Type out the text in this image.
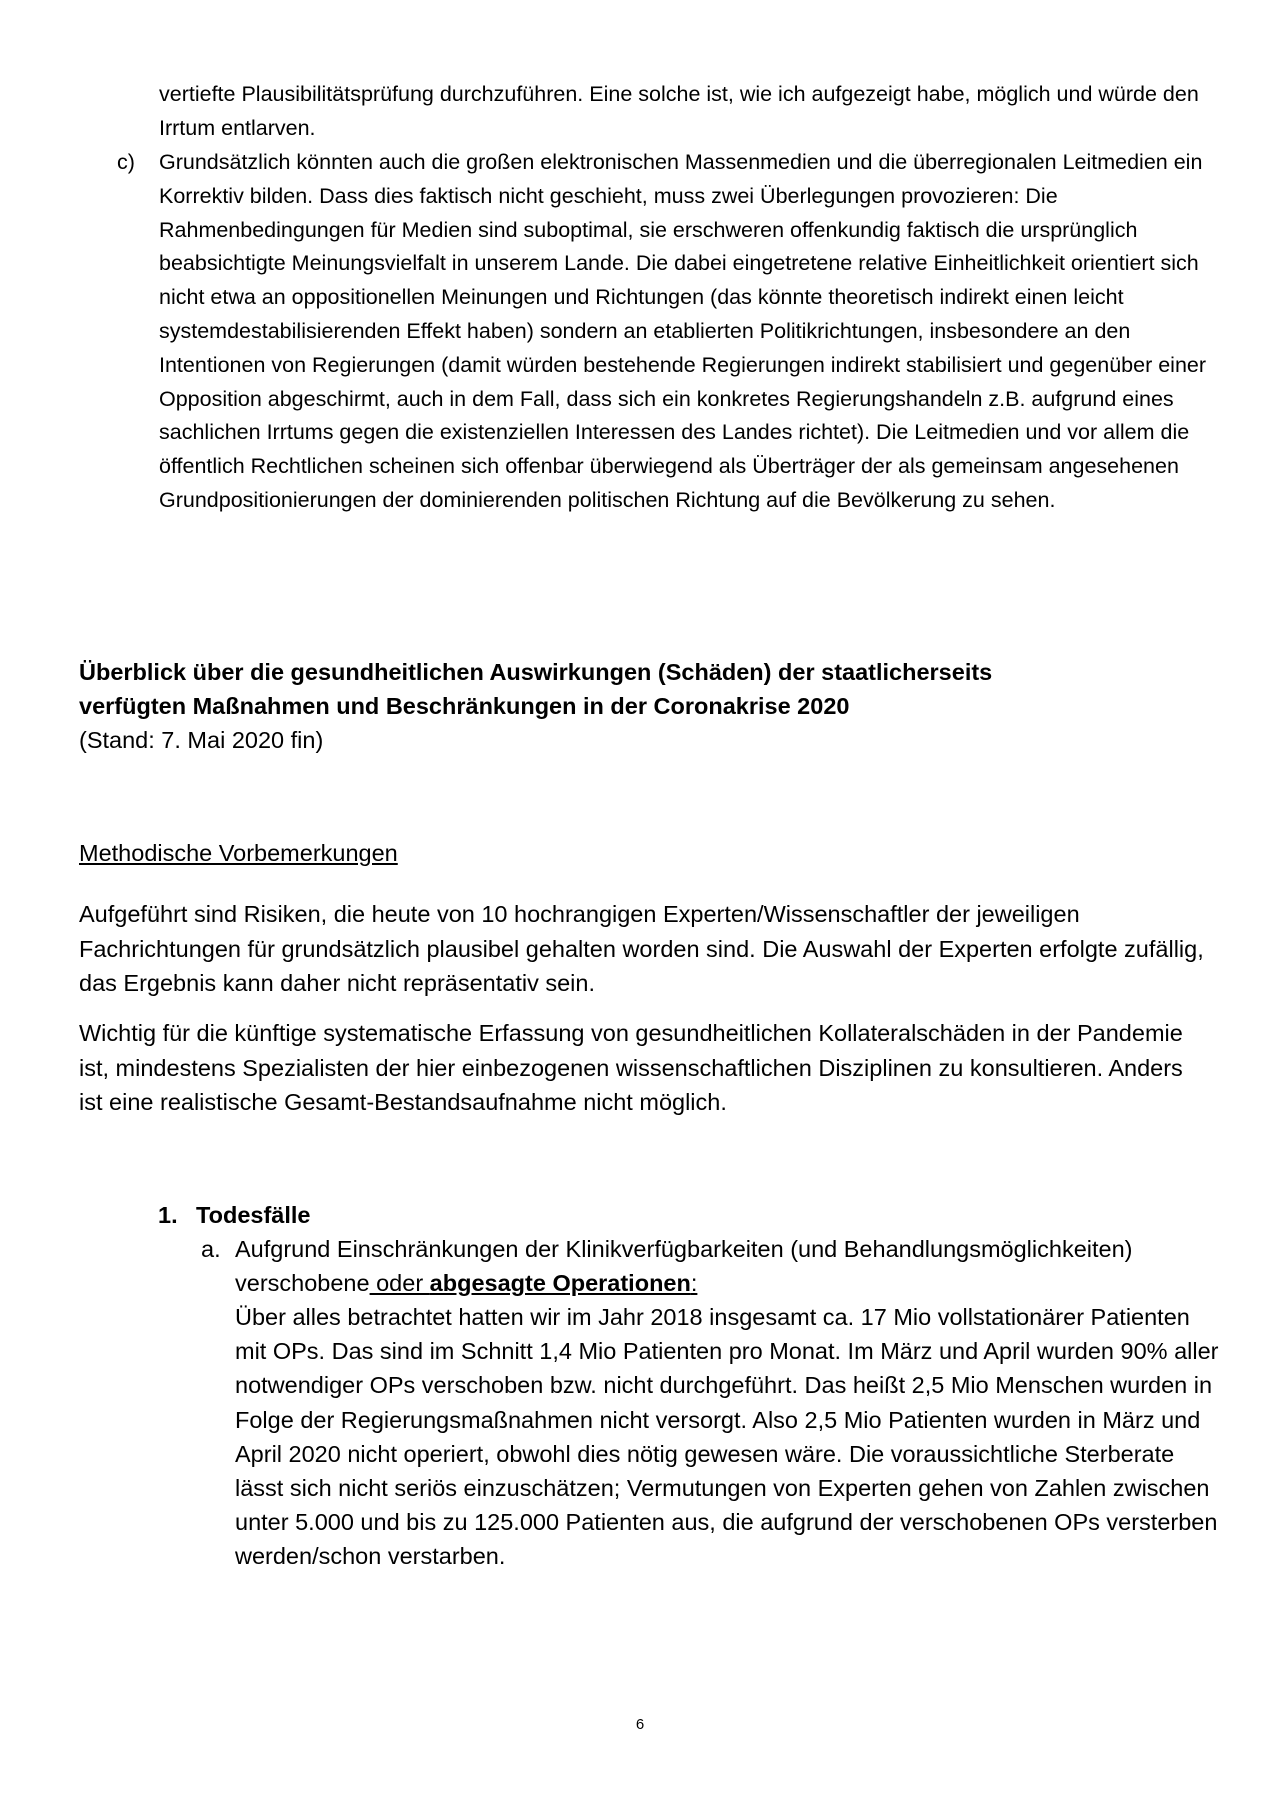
vertiefte Plausibilitätsprüfung durchzuführen. Eine solche ist, wie ich aufgezeigt habe, möglich und würde den Irrtum entlarven.
c) Grundsätzlich könnten auch die großen elektronischen Massenmedien und die überregionalen Leitmedien ein Korrektiv bilden. Dass dies faktisch nicht geschieht, muss zwei Überlegungen provozieren: Die Rahmenbedingungen für Medien sind suboptimal, sie erschweren offenkundig faktisch die ursprünglich beabsichtigte Meinungsvielfalt in unserem Lande. Die dabei eingetretene relative Einheitlichkeit orientiert sich nicht etwa an oppositionellen Meinungen und Richtungen (das könnte theoretisch indirekt einen leicht systemdestabilisierenden Effekt haben) sondern an etablierten Politikrichtungen, insbesondere an den Intentionen von Regierungen (damit würden bestehende Regierungen indirekt stabilisiert und gegenüber einer Opposition abgeschirmt, auch in dem Fall, dass sich ein konkretes Regierungshandeln z.B. aufgrund eines sachlichen Irrtums gegen die existenziellen Interessen des Landes richtet). Die Leitmedien und vor allem die öffentlich Rechtlichen scheinen sich offenbar überwiegend als Überträger der als gemeinsam angesehenen Grundpositionierungen der dominierenden politischen Richtung auf die Bevölkerung zu sehen.
Überblick über die gesundheitlichen Auswirkungen (Schäden) der staatlicherseits
verfügten Maßnahmen und Beschränkungen in der Coronakrise 2020
(Stand: 7. Mai 2020 fin)
Methodische Vorbemerkungen
Aufgeführt sind Risiken, die heute von 10 hochrangigen Experten/Wissenschaftler der jeweiligen Fachrichtungen für grundsätzlich plausibel gehalten worden sind. Die Auswahl der Experten erfolgte zufällig, das Ergebnis kann daher nicht repräsentativ sein.
Wichtig für die künftige systematische Erfassung von gesundheitlichen Kollateralschäden in der Pandemie ist, mindestens Spezialisten der hier einbezogenen wissenschaftlichen Disziplinen zu konsultieren. Anders ist eine realistische Gesamt-Bestandsaufnahme nicht möglich.
1. Todesfälle
a. Aufgrund Einschränkungen der Klinikverfügbarkeiten (und Behandlungsmöglichkeiten) verschobene oder abgesagte Operationen:
Über alles betrachtet hatten wir im Jahr 2018 insgesamt ca. 17 Mio vollstationärer Patienten mit OPs. Das sind im Schnitt 1,4 Mio Patienten pro Monat. Im März und April wurden 90% aller notwendiger OPs verschoben bzw. nicht durchgeführt. Das heißt 2,5 Mio Menschen wurden in Folge der Regierungsmaßnahmen nicht versorgt. Also 2,5 Mio Patienten wurden in März und April 2020 nicht operiert, obwohl dies nötig gewesen wäre. Die voraussichtliche Sterberate lässt sich nicht seriös einzuschätzen; Vermutungen von Experten gehen von Zahlen zwischen unter 5.000 und bis zu 125.000 Patienten aus, die aufgrund der verschobenen OPs versterben werden/schon verstarben.
6
